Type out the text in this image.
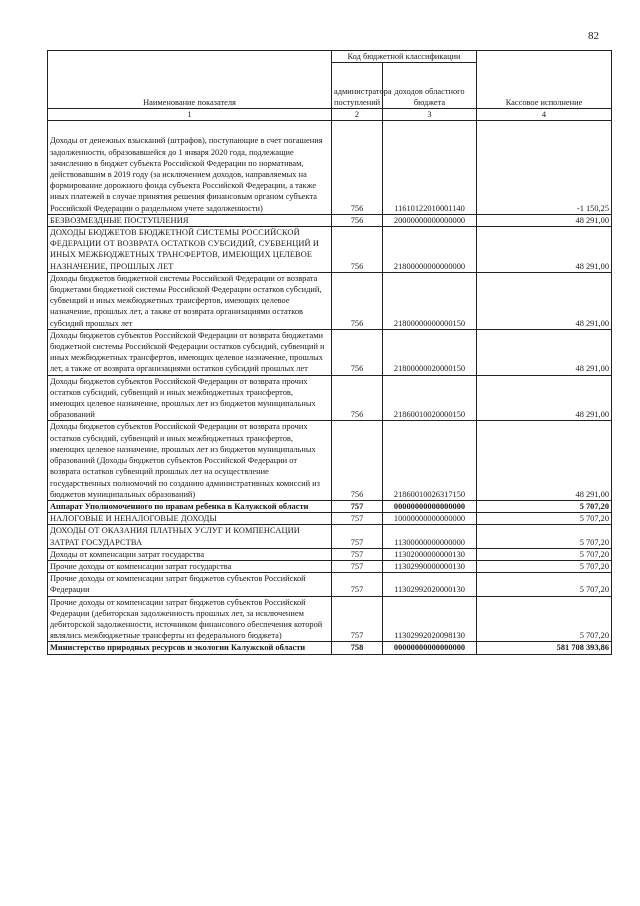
82
Наименование показателя	Код бюджетной классификации		Кассовое исполнение
	администратора поступлений	доходов областного бюджета	
1	2	3	4
Доходы от денежных взысканий (штрафов), поступающие в счет погашения задолженности, образовавшейся до 1 января 2020 года, подлежащие зачислению в бюджет субъекта Российской Федерации по нормативам, действовавшим в 2019 году (за исключением доходов, направляемых на формирование дорожного фонда субъекта Российской Федерации, а также иных платежей в случае принятия решения финансовым органом субъекта Российской Федерации о раздельном учете задолженности)	756	11610122010001140	-1 150,25
БЕЗВОЗМЕЗДНЫЕ ПОСТУПЛЕНИЯ	756	20000000000000000	48 291,00
ДОХОДЫ БЮДЖЕТОВ БЮДЖЕТНОЙ СИСТЕМЫ РОССИЙСКОЙ ФЕДЕРАЦИИ ОТ ВОЗВРАТА ОСТАТКОВ СУБСИДИЙ, СУБВЕНЦИЙ И ИНЫХ МЕЖБЮДЖЕТНЫХ ТРАНСФЕРТОВ, ИМЕЮЩИХ ЦЕЛЕВОЕ НАЗНАЧЕНИЕ, ПРОШЛЫХ ЛЕТ	756	21800000000000000	48 291,00
Доходы бюджетов бюджетной системы Российской Федерации от возврата бюджетами бюджетной системы Российской Федерации остатков субсидий, субвенций и иных межбюджетных трансфертов, имеющих целевое назначение, прошлых лет, а также от возврата организациями остатков субсидий прошлых лет	756	21800000000000150	48 291,00
Доходы бюджетов субъектов Российской Федерации от возврата бюджетами бюджетной системы Российской Федерации остатков субсидий, субвенций и иных межбюджетных трансфертов, имеющих целевое назначение, прошлых лет, а также от возврата организациями остатков субсидий прошлых лет	756	21800000020000150	48 291,00
Доходы бюджетов субъектов Российской Федерации от возврата прочих остатков субсидий, субвенций и иных межбюджетных трансфертов, имеющих целевое назначение, прошлых лет из бюджетов муниципальных образований	756	21860010020000150	48 291,00
Доходы бюджетов субъектов Российской Федерации от возврата прочих остатков субсидий, субвенций и иных межбюджетных трансфертов, имеющих целевое назначение, прошлых лет из бюджетов муниципальных образований (Доходы бюджетов субъектов Российской Федерации от возврата остатков субвенций прошлых лет на осуществление государственных полномочий по созданию административных комиссий из бюджетов муниципальных образований)	756	21860010026317150	48 291,00
Аппарат Уполномоченного по правам ребенка в Калужской области	757	00000000000000000	5 707,20
НАЛОГОВЫЕ И НЕНАЛОГОВЫЕ ДОХОДЫ	757	10000000000000000	5 707,20
ДОХОДЫ ОТ ОКАЗАНИЯ ПЛАТНЫХ УСЛУГ И КОМПЕНСАЦИИ ЗАТРАТ ГОСУДАРСТВА	757	11300000000000000	5 707,20
Доходы от компенсации затрат государства	757	11302000000000130	5 707,20
Прочие доходы от компенсации затрат государства	757	11302990000000130	5 707,20
Прочие доходы от компенсации затрат бюджетов субъектов Российской Федерации	757	11302992020000130	5 707,20
Прочие доходы от компенсации затрат бюджетов субъектов Российской Федерации (дебиторская задолженность прошлых лет, за исключением дебиторской задолженности, источником финансового обеспечения которой являлись межбюджетные трансферты из федерального бюджета)	757	11302992020098130	5 707,20
Министерство природных ресурсов и экологии Калужской области	758	00000000000000000	581 708 393,86
